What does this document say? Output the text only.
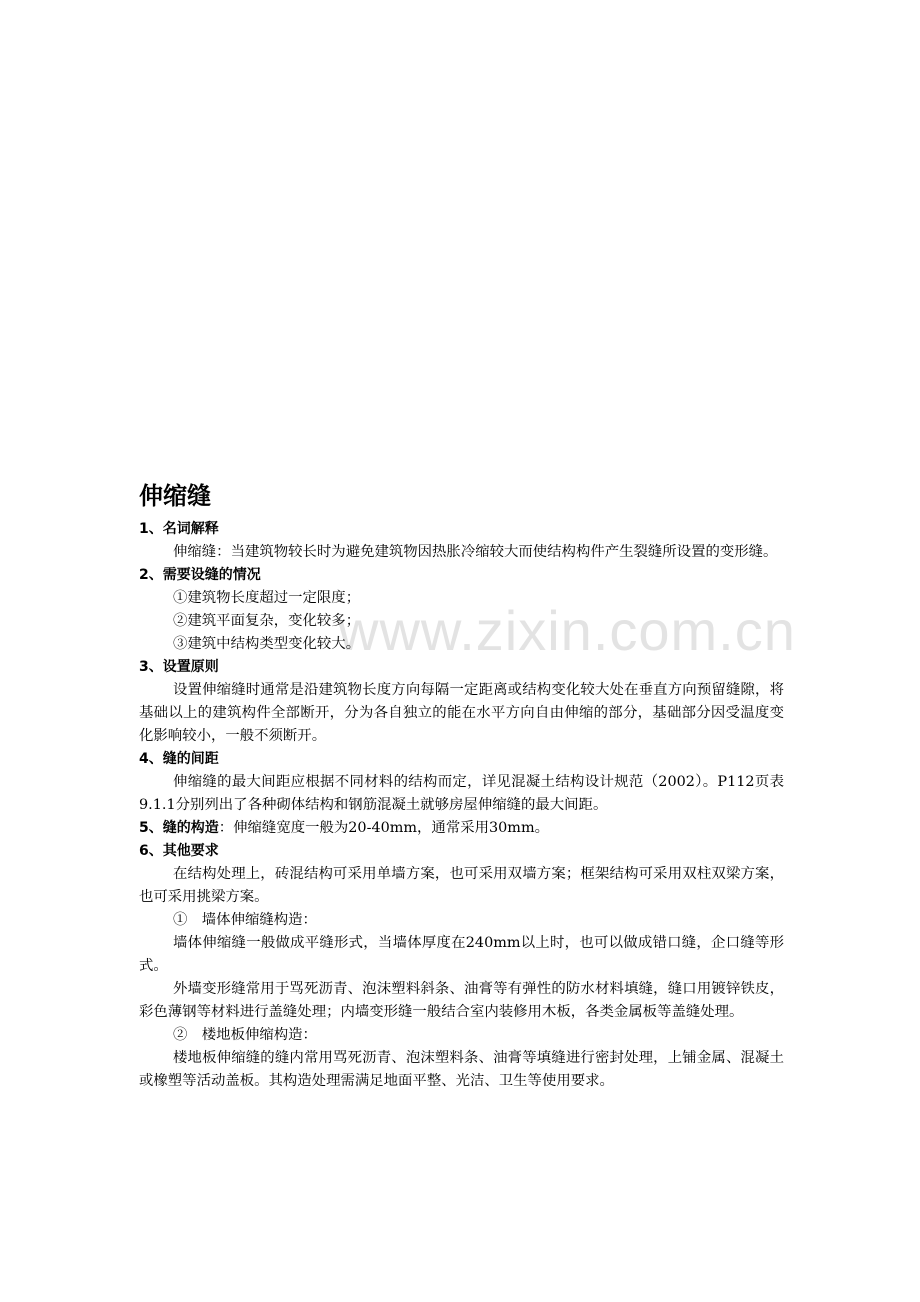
www.zixin.com.cn
伸缩缝
1、名词解释
伸缩缝：当建筑物较长时为避免建筑物因热胀冷缩较大而使结构构件产生裂缝所设置的变形缝。
2、需要设缝的情况
①建筑物长度超过一定限度；
②建筑平面复杂，变化较多；
③建筑中结构类型变化较大。
3、设置原则
设置伸缩缝时通常是沿建筑物长度方向每隔一定距离或结构变化较大处在垂直方向预留缝隙，将基础以上的建筑构件全部断开，分为各自独立的能在水平方向自由伸缩的部分，基础部分因受温度变化影响较小，一般不须断开。
4、缝的间距
伸缩缝的最大间距应根据不同材料的结构而定，详见混凝土结构设计规范（2002）。P112页表9.1.1分别列出了各种砌体结构和钢筋混凝土就够房屋伸缩缝的最大间距。
5、缝的构造：伸缩缝宽度一般为20-40mm，通常采用30mm。
6、其他要求
在结构处理上，砖混结构可采用单墙方案，也可采用双墙方案；框架结构可采用双柱双梁方案，也可采用挑梁方案。
①　墙体伸缩缝构造：
墙体伸缩缝一般做成平缝形式，当墙体厚度在240mm以上时，也可以做成错口缝，企口缝等形式。
外墙变形缝常用于骂死沥青、泡沫塑料斜条、油膏等有弹性的防水材料填缝，缝口用镀锌铁皮，彩色薄钢等材料进行盖缝处理；内墙变形缝一般结合室内装修用木板，各类金属板等盖缝处理。
②　楼地板伸缩构造：
楼地板伸缩缝的缝内常用骂死沥青、泡沫塑料条、油膏等填缝进行密封处理，上铺金属、混凝土或橡塑等活动盖板。其构造处理需满足地面平整、光洁、卫生等使用要求。
